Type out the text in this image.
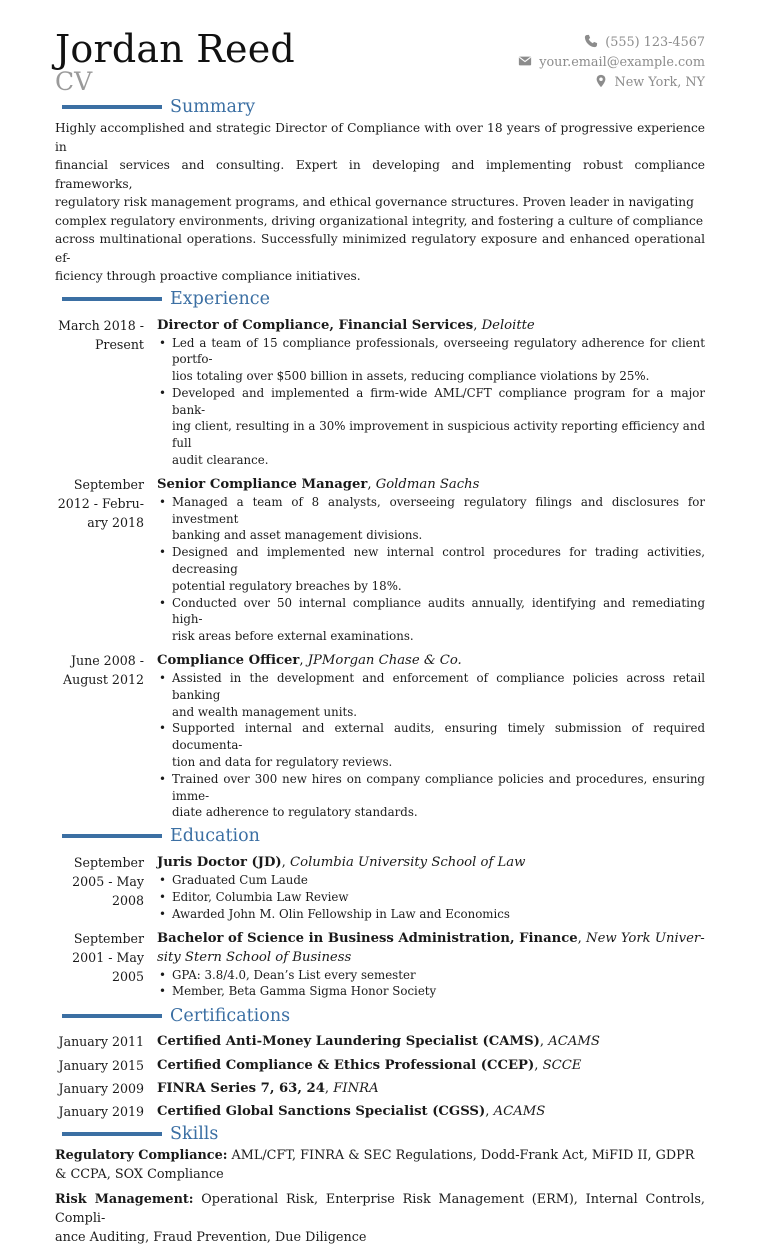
Jordan Reed
CV
(555) 123-4567
your.email@example.com
New York, NY
Summary
Highly accomplished and strategic Director of Compliance with over 18 years of progressive experience in
financial services and consulting. Expert in developing and implementing robust compliance frameworks,
regulatory risk management programs, and ethical governance structures. Proven leader in navigating
complex regulatory environments, driving organizational integrity, and fostering a culture of compliance
across multinational operations. Successfully minimized regulatory exposure and enhanced operational ef-
ficiency through proactive compliance initiatives.
Experience
March 2018 -
Present
Director of Compliance, Financial Services, Deloitte
• Led a team of 15 compliance professionals, overseeing regulatory adherence for client portfo-
lios totaling over $500 billion in assets, reducing compliance violations by 25%.
• Developed and implemented a firm-wide AML/CFT compliance program for a major bank-
ing client, resulting in a 30% improvement in suspicious activity reporting efficiency and full
audit clearance.
September
2012 - Febru-
ary 2018
Senior Compliance Manager, Goldman Sachs
• Managed a team of 8 analysts, overseeing regulatory filings and disclosures for investment
banking and asset management divisions.
• Designed and implemented new internal control procedures for trading activities, decreasing
potential regulatory breaches by 18%.
• Conducted over 50 internal compliance audits annually, identifying and remediating high-
risk areas before external examinations.
June 2008 -
August 2012
Compliance Officer, JPMorgan Chase & Co.
• Assisted in the development and enforcement of compliance policies across retail banking
and wealth management units.
• Supported internal and external audits, ensuring timely submission of required documenta-
tion and data for regulatory reviews.
• Trained over 300 new hires on company compliance policies and procedures, ensuring imme-
diate adherence to regulatory standards.
Education
September
2005 - May
2008
Juris Doctor (JD), Columbia University School of Law
• Graduated Cum Laude
• Editor, Columbia Law Review
• Awarded John M. Olin Fellowship in Law and Economics
September
2001 - May
2005
Bachelor of Science in Business Administration, Finance, New York Univer-
sity Stern School of Business
• GPA: 3.8/4.0, Dean’s List every semester
• Member, Beta Gamma Sigma Honor Society
Certifications
January 2011 Certified Anti-Money Laundering Specialist (CAMS), ACAMS
January 2015 Certified Compliance & Ethics Professional (CCEP), SCCE
January 2009 FINRA Series 7, 63, 24, FINRA
January 2019 Certified Global Sanctions Specialist (CGSS), ACAMS
Skills

Regulatory Compliance: AML/CFT, FINRA & SEC Regulations, Dodd-Frank Act, MiFID II, GDPR
& CCPA, SOX Compliance

Risk Management: Operational Risk, Enterprise Risk Management (ERM), Internal Controls, Compli-
ance Auditing, Fraud Prevention, Due Diligence
